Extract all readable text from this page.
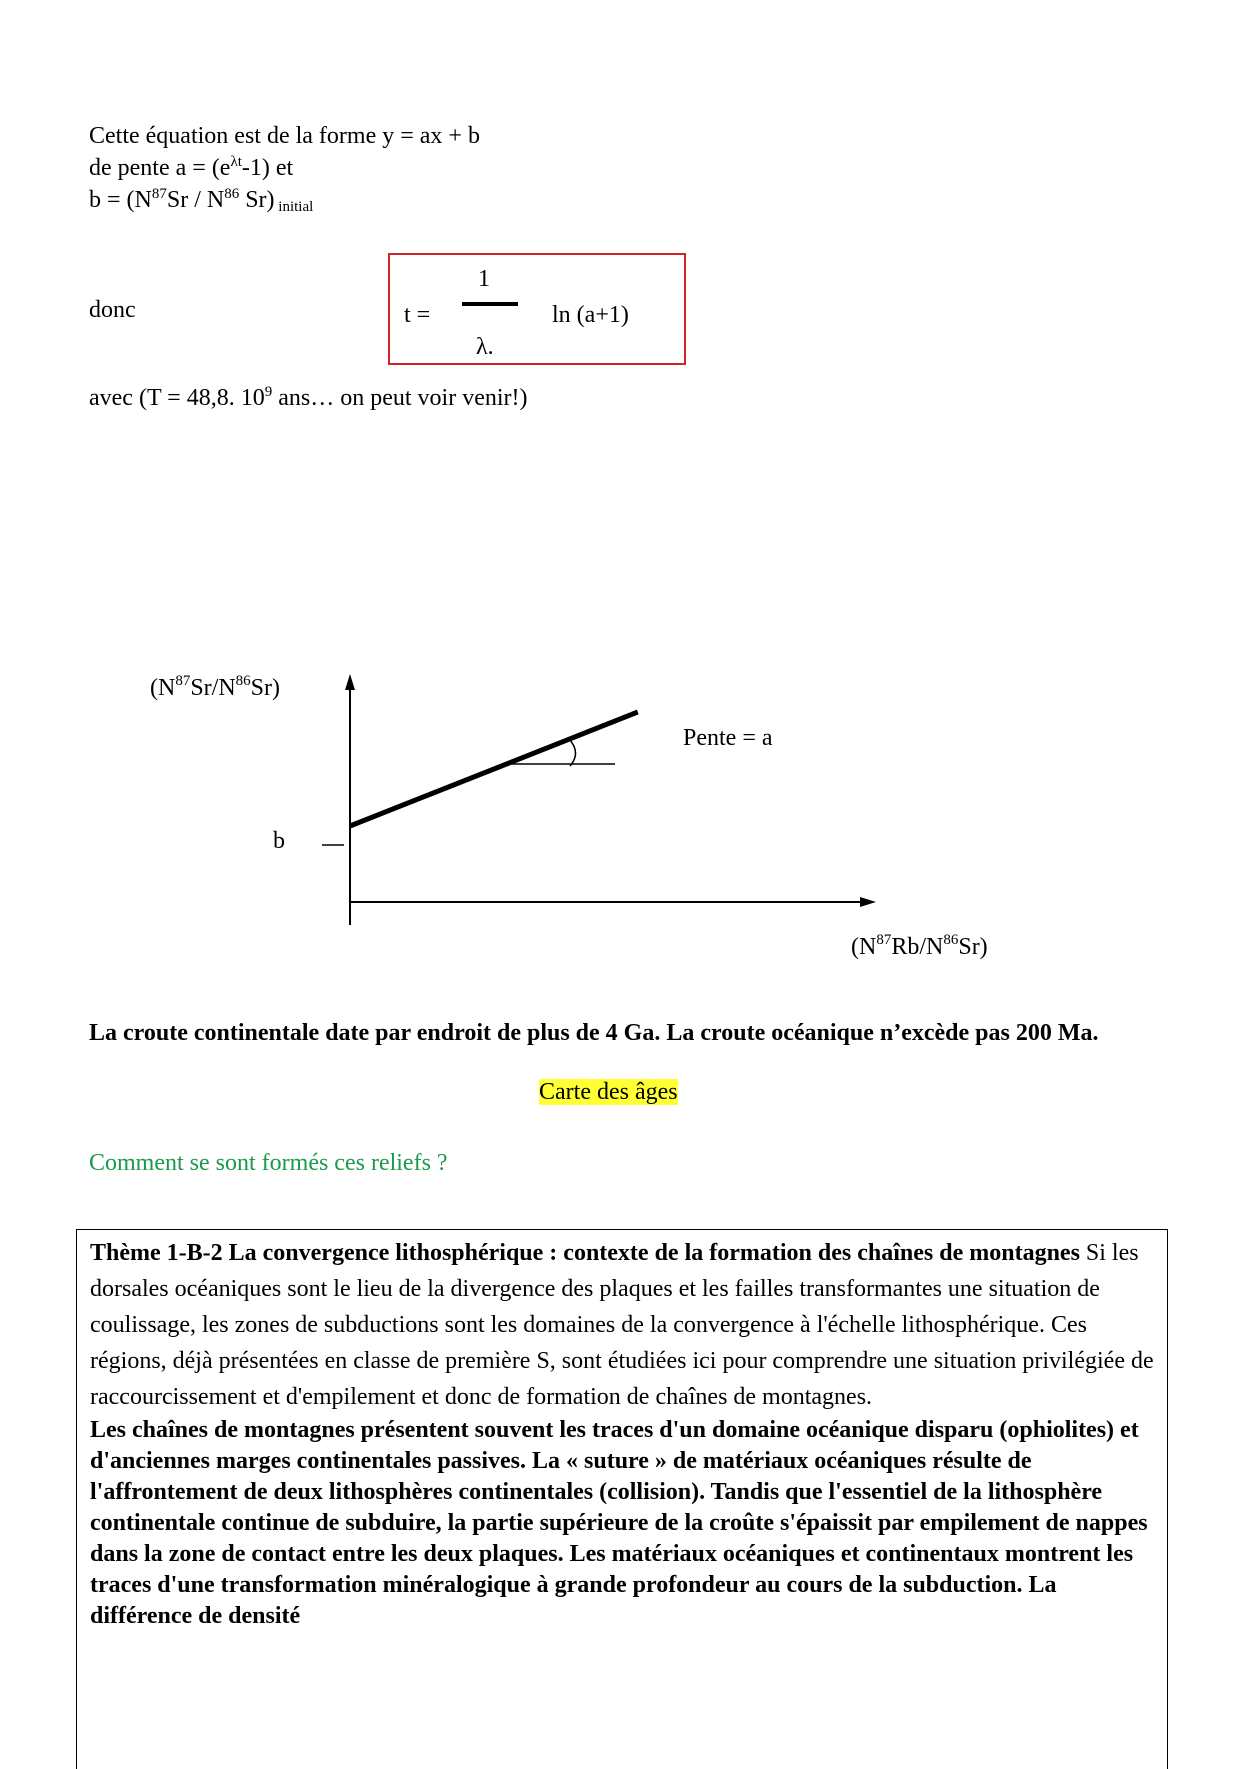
Cette équation est de la forme y = ax + b
de pente $a = (e^{\lambda t}-1)$ et
$b = (N^{87}Sr / N^{86}$ Sr) $_{initial}$
donc	t =
1
λ.
ln (a+1)
avec (T = 48,8. $10^9$ ans… on peut voir venir!)
$(N^{87}Sr/N^{86}Sr)$
b
Pente = a
$(N^{87}Rb/N^{86}Sr)$
La croute continentale date par endroit de plus de 4 Ga. La croute océanique n’excède pas 200 Ma.
Carte des âges
Comment se sont formés ces reliefs ?

Thème 1-B-2 La convergence lithosphérique : contexte de la formation des chaînes de montagnes Si les dorsales océaniques sont le lieu de la divergence des plaques et les failles transformantes une situation de coulissage, les zones de subductions sont les domaines de la convergence à l'échelle lithosphérique. Ces régions, déjà présentées en classe de première S, sont étudiées ici pour comprendre une situation privilégiée de raccourcissement et d'empilement et donc de formation de chaînes de montagnes.

Les chaînes de montagnes présentent souvent les traces d'un domaine océanique disparu (ophiolites) et d'anciennes marges continentales passives. La « suture » de matériaux océaniques résulte de l'affrontement de deux lithosphères continentales (collision). Tandis que l'essentiel de la lithosphère continentale continue de subduire, la partie supérieure de la croûte s'épaissit par empilement de nappes dans la zone de contact entre les deux plaques. Les matériaux océaniques et continentaux montrent les traces d'une transformation minéralogique à grande profondeur au cours de la subduction. La différence de densité
